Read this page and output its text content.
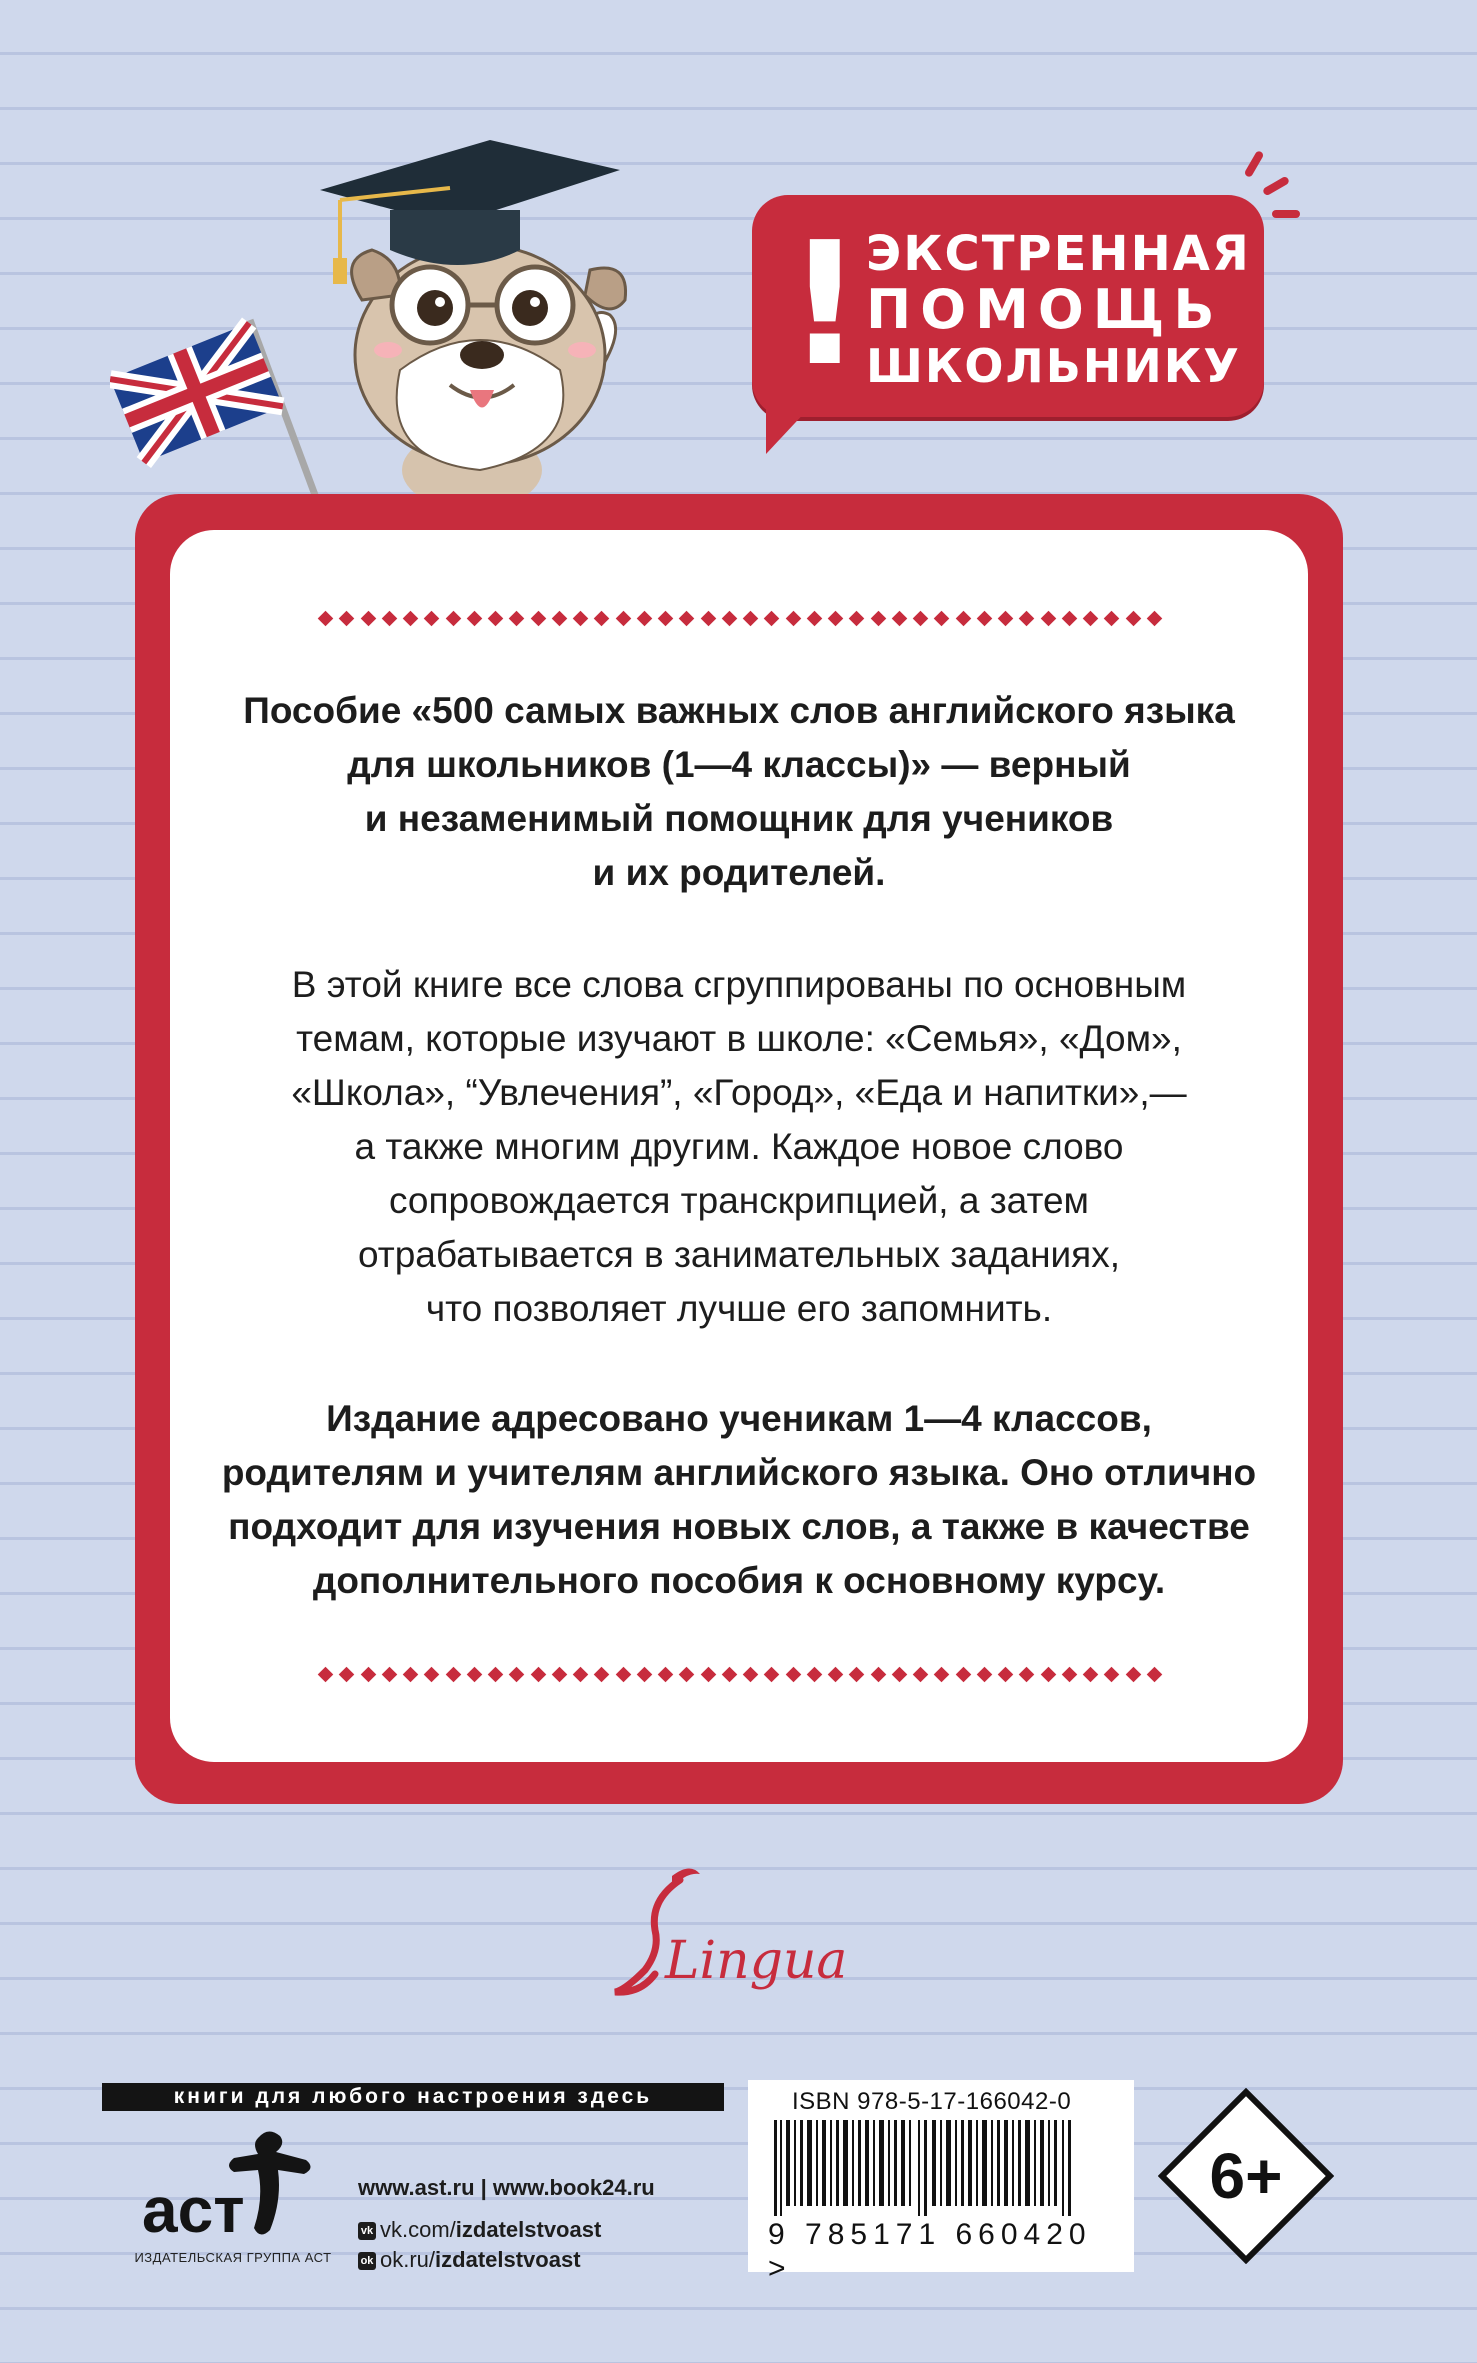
! ЭКСТРЕННАЯ
ПОМОЩЬ
ШКОЛЬНИКУ
Пособие «500 самых важных слов английского языка
для школьников (1—4 классы)» — верный
и незаменимый помощник для учеников
и их родителей.
В этой книге все слова сгруппированы по основным
темам, которые изучают в школе: «Семья», «Дом»,
«Школа», “Увлечения”, «Город», «Еда и напитки»,—
а также многим другим. Каждое новое слово
сопровождается транскрипцией, а затем
отрабатывается в занимательных заданиях,
что позволяет лучше его запомнить.
Издание адресовано ученикам 1—4 классов,
родителям и учителям английского языка. Оно отлично
подходит для изучения новых слов, а также в качестве
дополнительного пособия к основному курсу.
Lingua
книги для любого настроения здесь
аст
ИЗДАТЕЛЬСКАЯ ГРУППА АСТ
www.ast.ru | www.book24.ru
vk vk.com/izdatelstvoast
ok ok.ru/izdatelstvoast
ISBN 978-5-17-166042-0
9 785171 660420 >
6+
